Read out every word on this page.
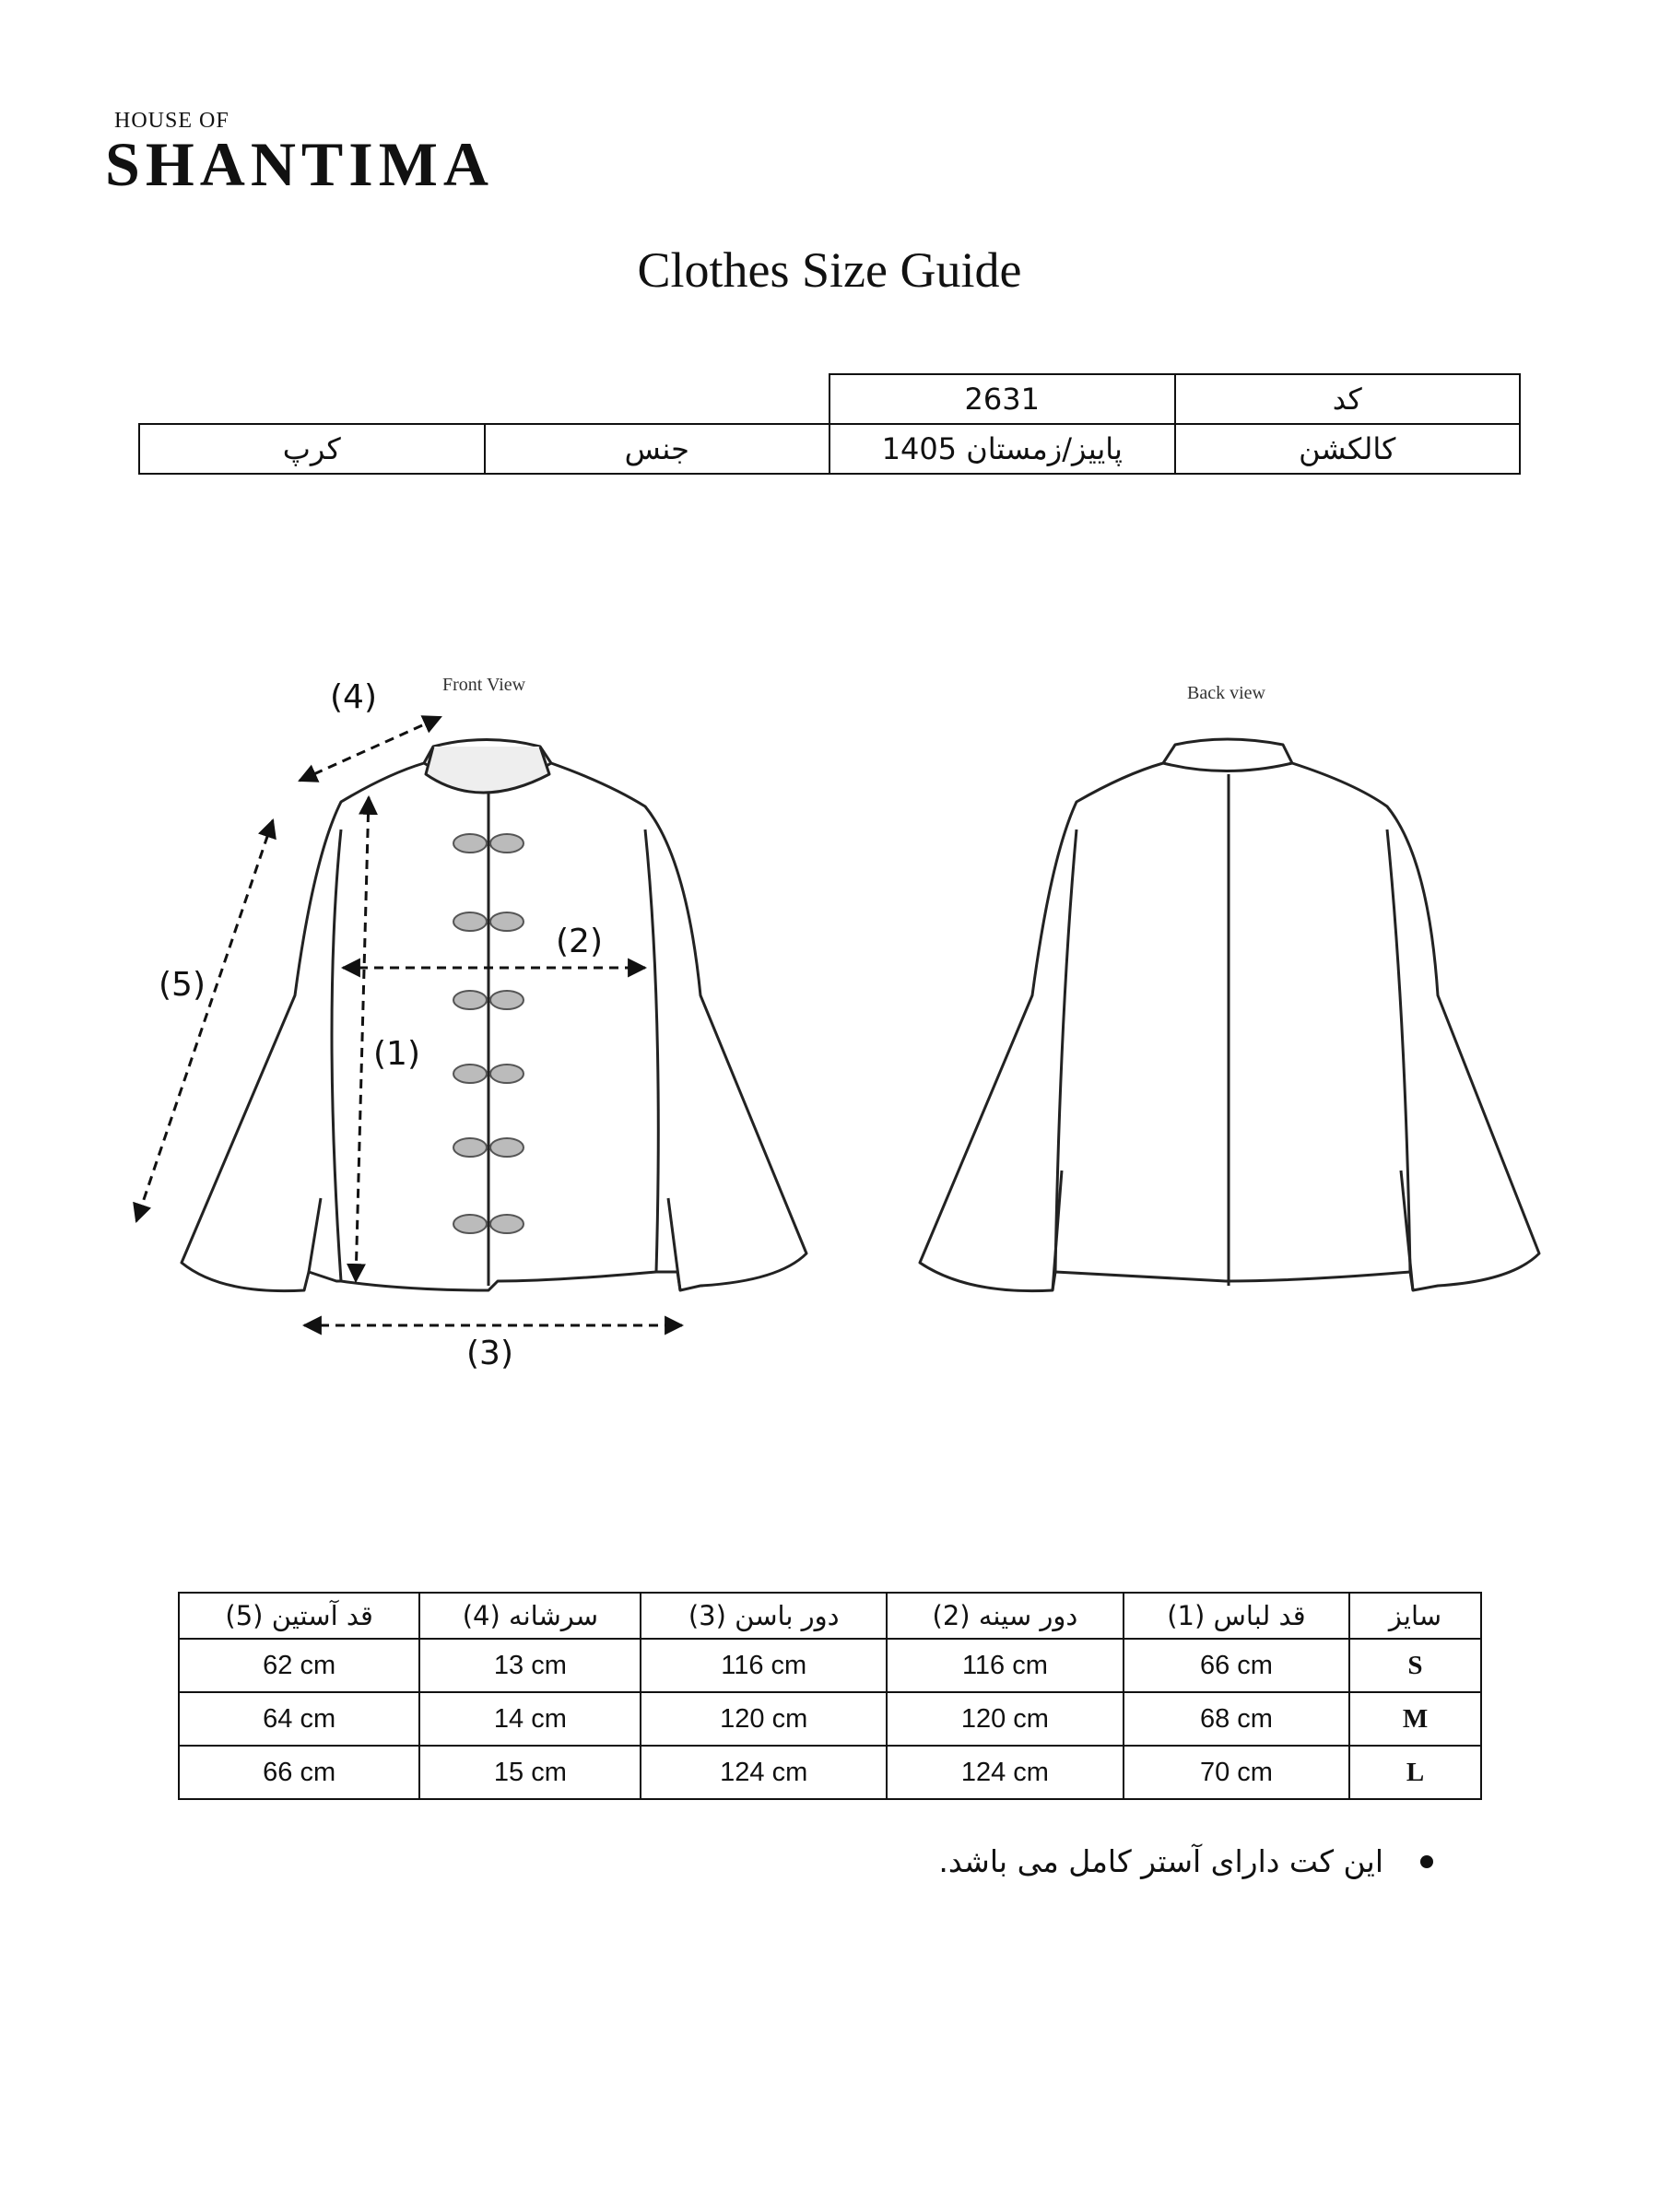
HOUSE OF
SHANTIMA
Clothes Size Guide
		2631	کد
کرپ	جنس	پاییز/زمستان 1405	کالکشن
Front View
(4)
(5)
(1)
(2)
(3)
Back view
(5) قد آستین	(4) سرشانه	(3) دور باسن	(2) دور سینه	(1) قد لباس	سایز
62 cm	13 cm	116 cm	116 cm	66 cm	S
64 cm	14 cm	120 cm	120 cm	68 cm	M
66 cm	15 cm	124 cm	124 cm	70 cm	L
این کت دارای آستر کامل می باشد.
